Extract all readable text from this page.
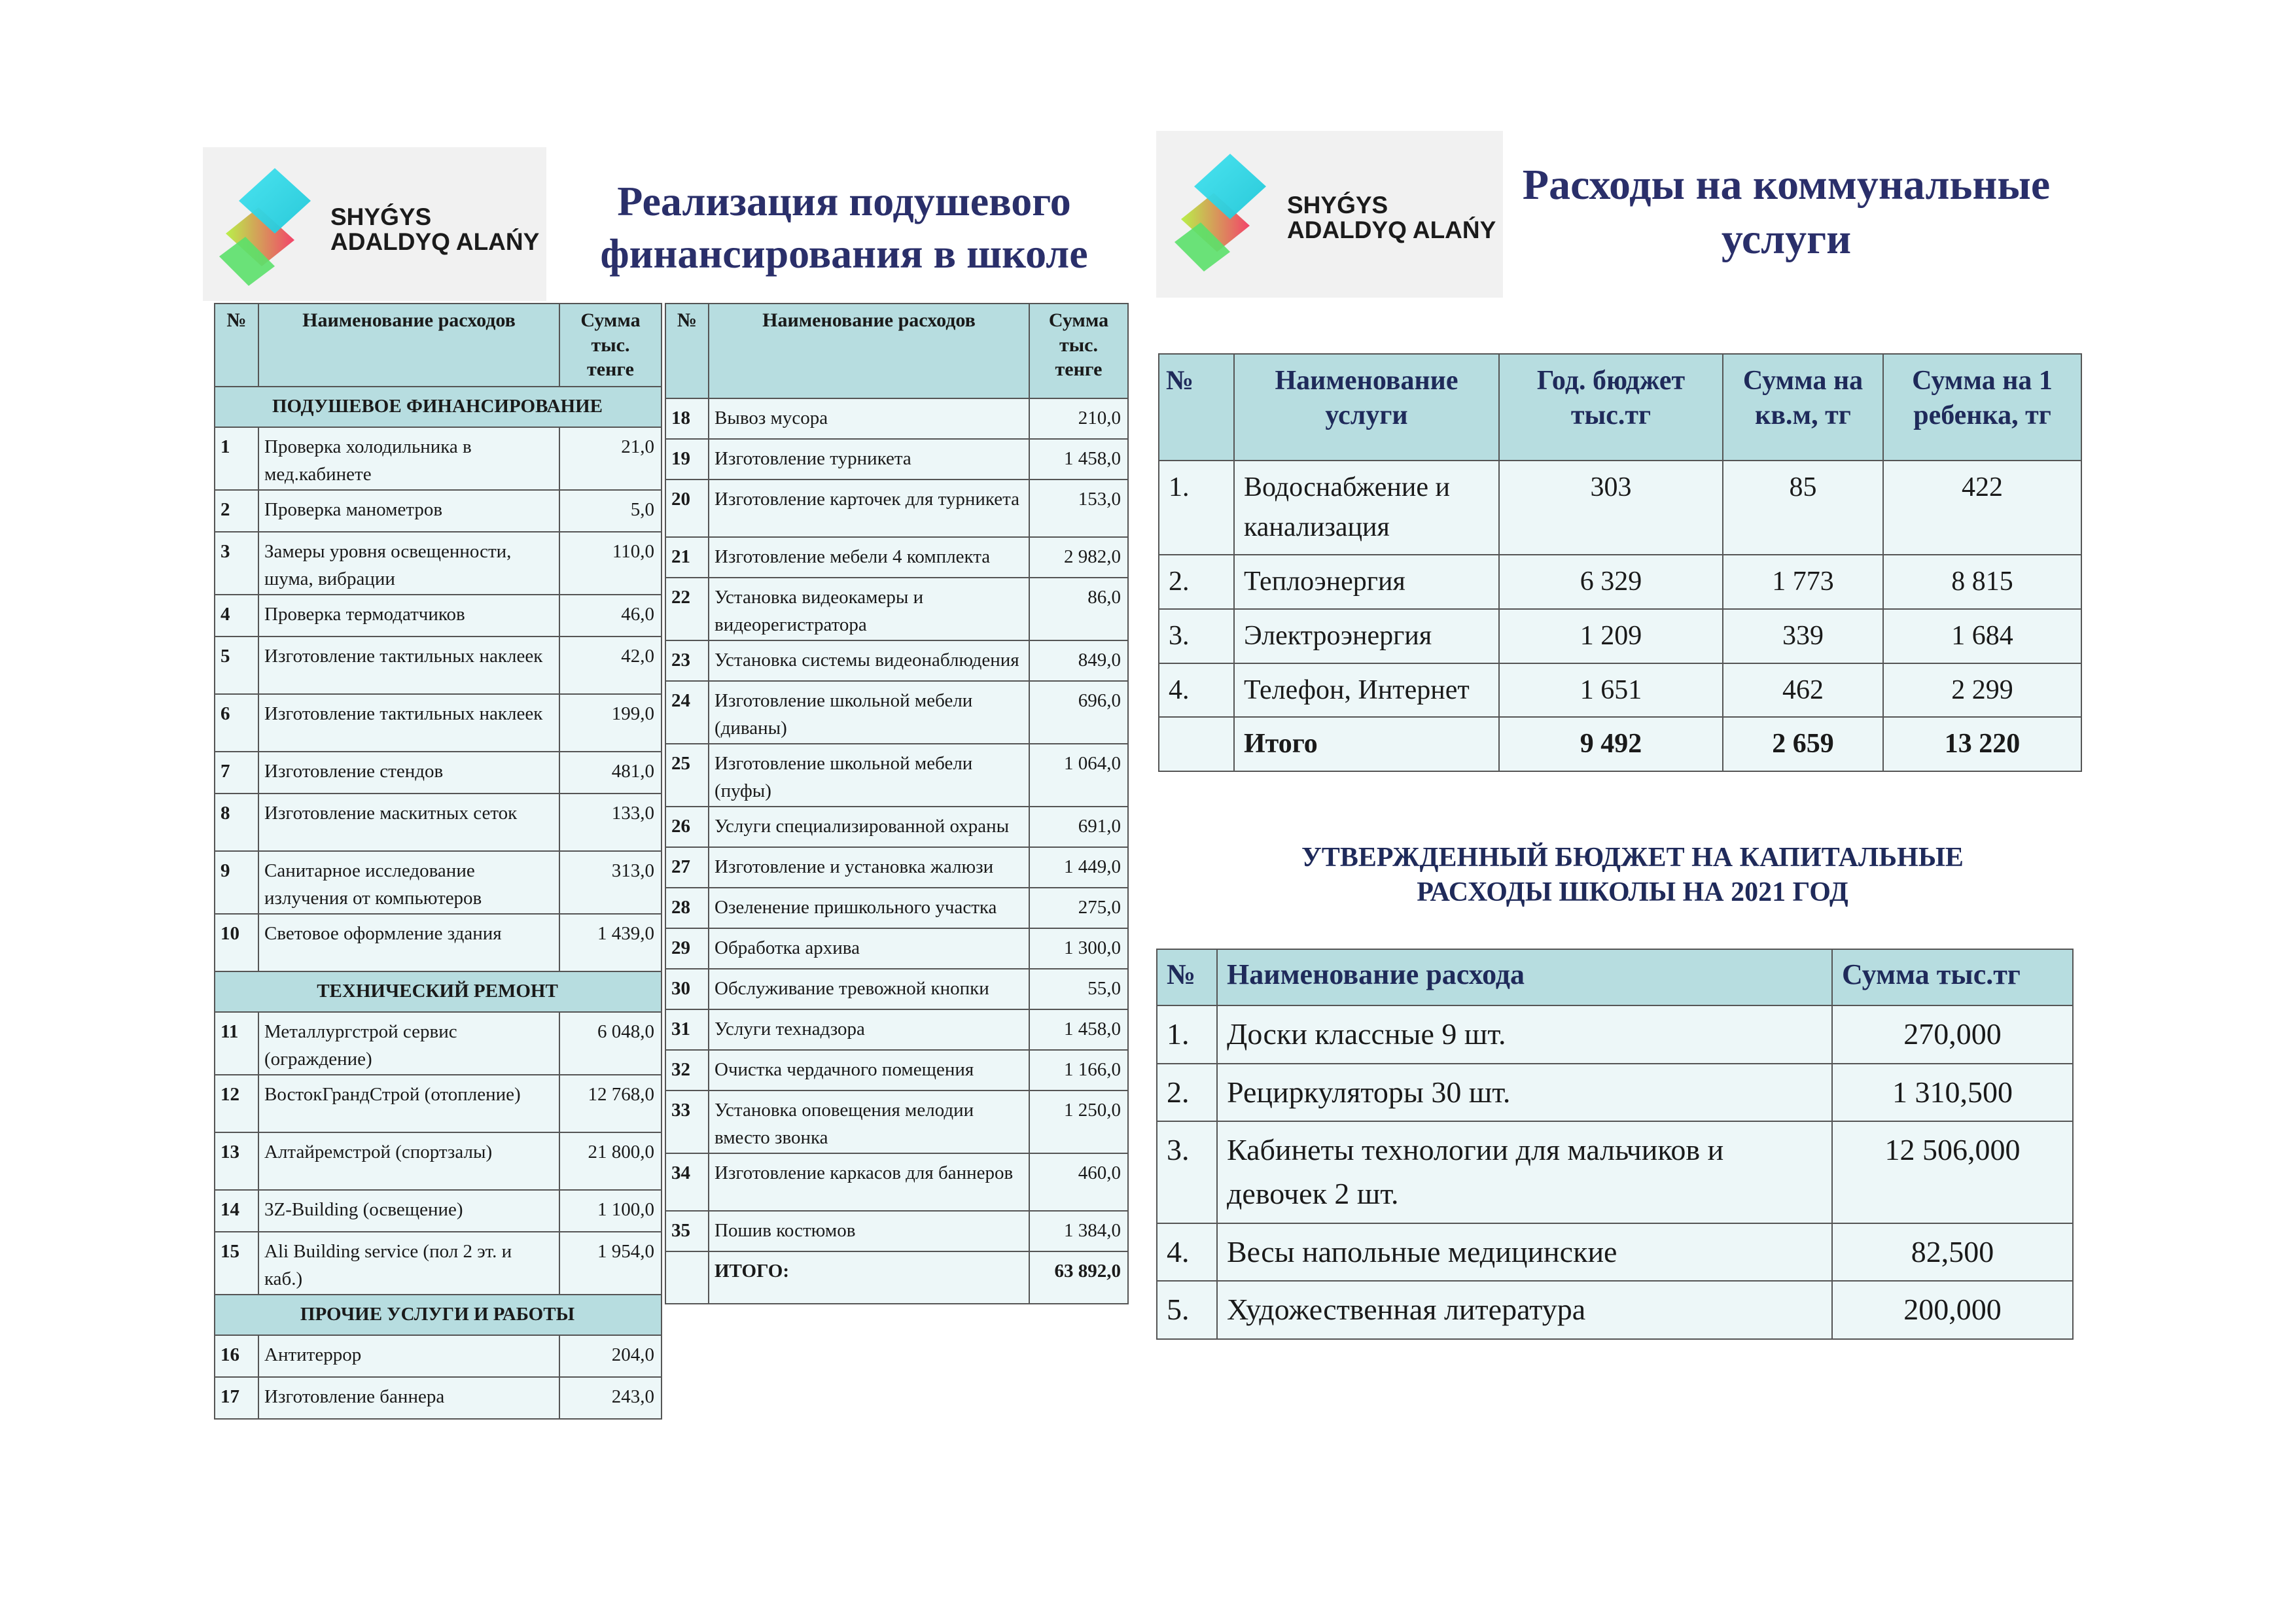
SHYǴYS
ADALDYQ ALAŃY
SHYǴYS
ADALDYQ ALAŃY
Реализация подушевого финансирования в школе
Расходы на коммунальные услуги
УТВЕРЖДЕННЫЙ БЮДЖЕТ НА КАПИТАЛЬНЫЕ РАСХОДЫ ШКОЛЫ НА 2021 ГОД
№	Наименование расходов	Сумма тыс. тенге
ПОДУШЕВОЕ ФИНАНСИРОВАНИЕ		
1	Проверка холодильника в мед.кабинете	21,0
2	Проверка манометров	5,0
3	Замеры уровня освещенности, шума, вибрации	110,0
4	Проверка термодатчиков	46,0
5	Изготовление тактильных наклеек	42,0
6	Изготовление тактильных наклеек	199,0
7	Изготовление стендов	481,0
8	Изготовление маскитных сеток	133,0
9	Санитарное исследование излучения от компьютеров	313,0
10	Световое оформление здания	1 439,0
ТЕХНИЧЕСКИЙ РЕМОНТ		
11	Металлургстрой сервис (ограждение)	6 048,0
12	ВостокГрандСтрой (отопление)	12 768,0
13	Алтайремстрой (спортзалы)	21 800,0
14	3Z-Building (освещение)	1 100,0
15	Ali Building service (пол 2 эт. и каб.)	1 954,0
ПРОЧИЕ УСЛУГИ И РАБОТЫ		
16	Антитеррор	204,0
17	Изготовление баннера	243,0
№	Наименование расходов	Сумма тыс. тенге
18	Вывоз мусора	210,0
19	Изготовление турникета	1 458,0
20	Изготовление карточек для турникета	153,0
21	Изготовление мебели 4 комплекта	2 982,0
22	Установка видеокамеры и видеорегистратора	86,0
23	Установка системы видеонаблюдения	849,0
24	Изготовление школьной мебели (диваны)	696,0
25	Изготовление школьной мебели (пуфы)	1 064,0
26	Услуги специализированной охраны	691,0
27	Изготовление и установка жалюзи	1 449,0
28	Озеленение пришкольного участка	275,0
29	Обработка архива	1 300,0
30	Обслуживание тревожной кнопки	55,0
31	Услуги технадзора	1 458,0
32	Очистка чердачного помещения	1 166,0
33	Установка оповещения мелодии вместо звонка	1 250,0
34	Изготовление каркасов для баннеров	460,0
35	Пошив костюмов	1 384,0
	ИТОГО:	63 892,0
№	Наименование услуги	Год. бюджет тыс.тг	Сумма на кв.м, тг	Сумма на 1 ребенка, тг
1.	Водоснабжение и канализация	303	85	422
2.	Теплоэнергия	6 329	1 773	8 815
3.	Электроэнергия	1 209	339	1 684
4.	Телефон, Интернет	1 651	462	2 299
	Итого	9 492	2 659	13 220
№	Наименование расхода	Сумма тыс.тг
1.	Доски классные 9 шт.	270,000
2.	Рециркуляторы 30 шт.	1 310,500
3.	Кабинеты технологии для мальчиков и девочек 2 шт.	12 506,000
4.	Весы напольные медицинские	82,500
5.	Художественная литература	200,000
